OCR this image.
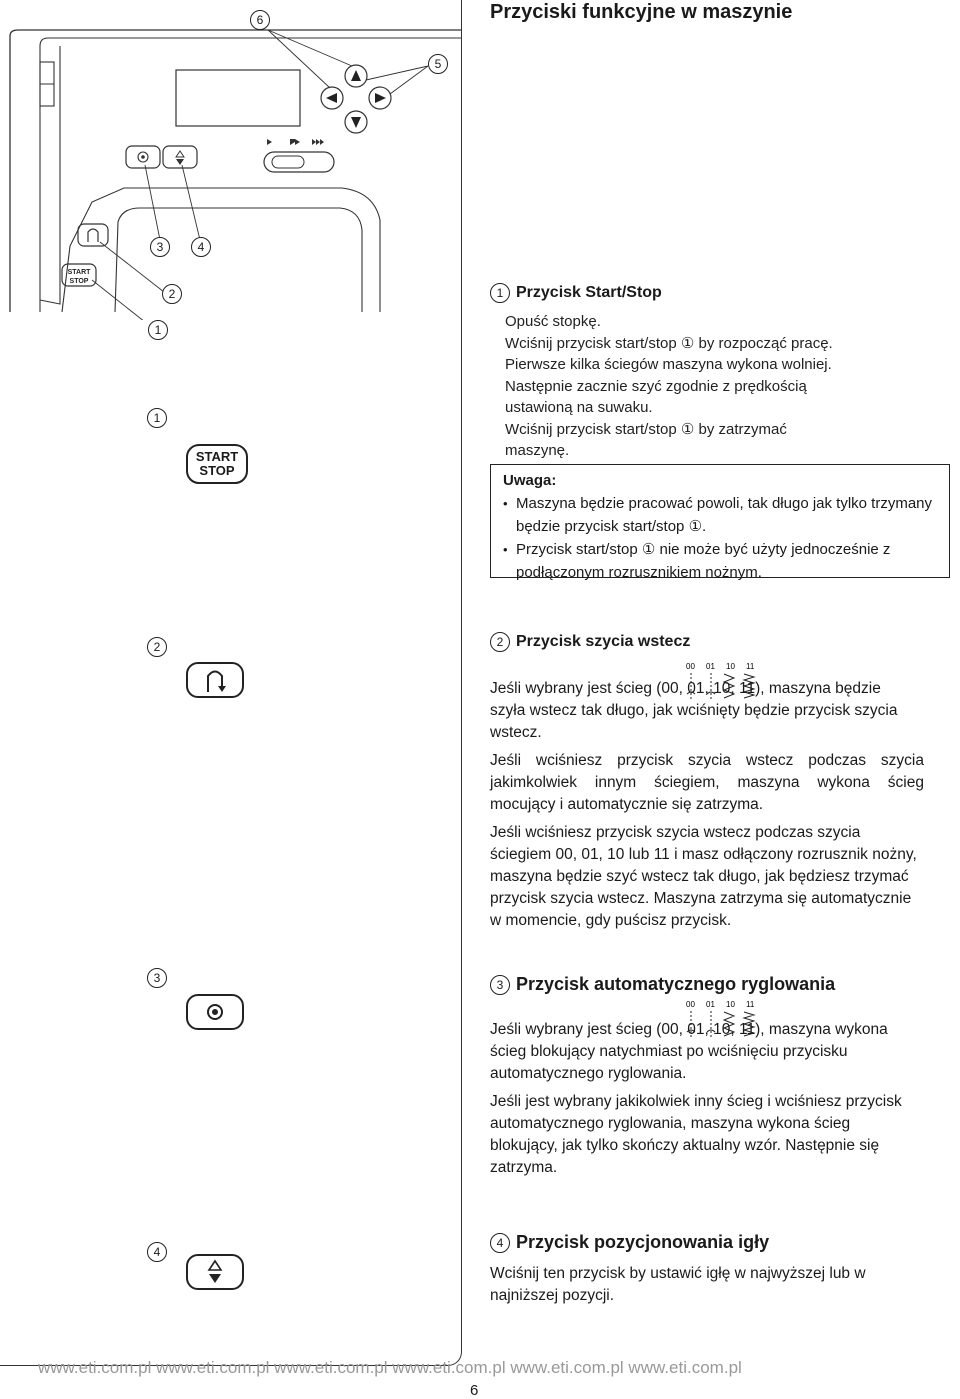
START
STOP
6
5
3	4
2
1
1
START
STOP
2
3
4
Przyciski funkcyjne w maszynie
1 Przycisk Start/Stop
Opuść stopkę.
Wciśnij przycisk start/stop ① by rozpocząć pracę.
Pierwsze kilka ściegów maszyna wykona wolniej.
Następnie zacznie szyć zgodnie z prędkością
ustawioną na suwaku.
Wciśnij przycisk start/stop ① by zatrzymać
maszynę.
Uwaga:
• Maszyna będzie pracować powoli, tak długo jak tylko trzymany będzie przycisk start/stop ①.
• Przycisk start/stop ① nie może być użyty jednocześnie z podłączonym rozrusznikiem nożnym.
2 Przycisk szycia wstecz
00 01 10 11

Jeśli wybrany jest ścieg (00, 01, 10, 11), maszyna będzie szyła wstecz tak długo, jak wciśnięty będzie przycisk szycia wstecz.

Jeśli wciśniesz przycisk szycia wstecz podczas szycia jakimkolwiek innym ściegiem, maszyna wykona ścieg mocujący i automatycznie się zatrzyma.

Jeśli wciśniesz przycisk szycia wstecz podczas szycia ściegiem 00, 01, 10 lub 11 i masz odłączony rozrusznik nożny, maszyna będzie szyć wstecz tak długo, jak będziesz trzymać przycisk szycia wstecz. Maszyna zatrzyma się automatycznie w momencie, gdy puścisz przycisk.

3 Przycisk automatycznego ryglowania
00 01 10 11

Jeśli wybrany jest ścieg (00, 01, 10, 11), maszyna wykona ścieg blokujący natychmiast po wciśnięciu przycisku automatycznego ryglowania.

Jeśli jest wybrany jakikolwiek inny ścieg i wciśniesz przycisk automatycznego ryglowania, maszyna wykona ścieg blokujący, jak tylko skończy aktualny wzór. Następnie się zatrzyma.

4 Przycisk pozycjonowania igły

Wciśnij ten przycisk by ustawić igłę w najwyższej lub w najniższej pozycji.

www.eti.com.pl www.eti.com.pl www.eti.com.pl www.eti.com.pl www.eti.com.pl www.eti.com.pl
6
